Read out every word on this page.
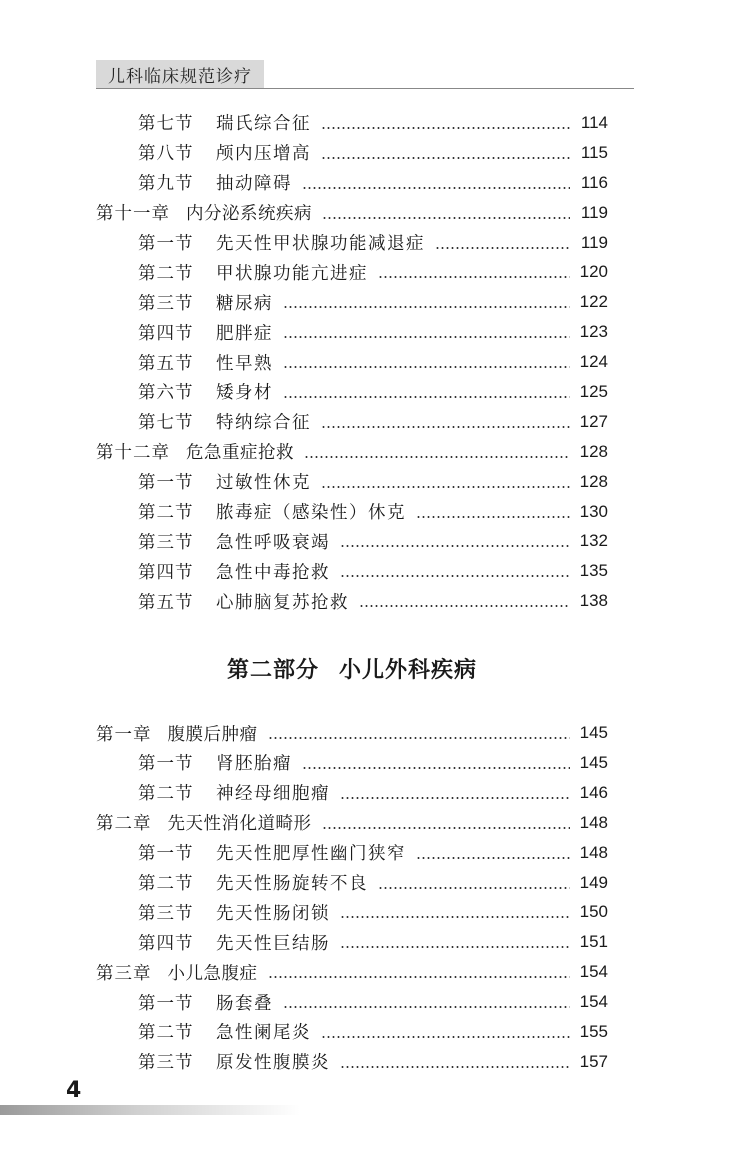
儿科临床规范诊疗
第七节	瑞氏综合征	114
第八节	颅内压增高	115
第九节	抽动障碍	116
第十一章 内分泌系统疾病	119
第一节	先天性甲状腺功能减退症	119
第二节	甲状腺功能亢进症	120
第三节	糖尿病	122
第四节	肥胖症	123
第五节	性早熟	124
第六节	矮身材	125
第七节	特纳综合征	127
第十二章 危急重症抢救	128
第一节	过敏性休克	128
第二节	脓毒症（感染性）休克	130
第三节	急性呼吸衰竭	132
第四节	急性中毒抢救	135
第五节	心肺脑复苏抢救	138
第二部分 小儿外科疾病
第一章 腹膜后肿瘤	145
第一节	肾胚胎瘤	145
第二节	神经母细胞瘤	146
第二章 先天性消化道畸形	148
第一节	先天性肥厚性幽门狭窄	148
第二节	先天性肠旋转不良	149
第三节	先天性肠闭锁	150
第四节	先天性巨结肠	151
第三章 小儿急腹症	154
第一节	肠套叠	154
第二节	急性阑尾炎	155
第三节	原发性腹膜炎	157
4
